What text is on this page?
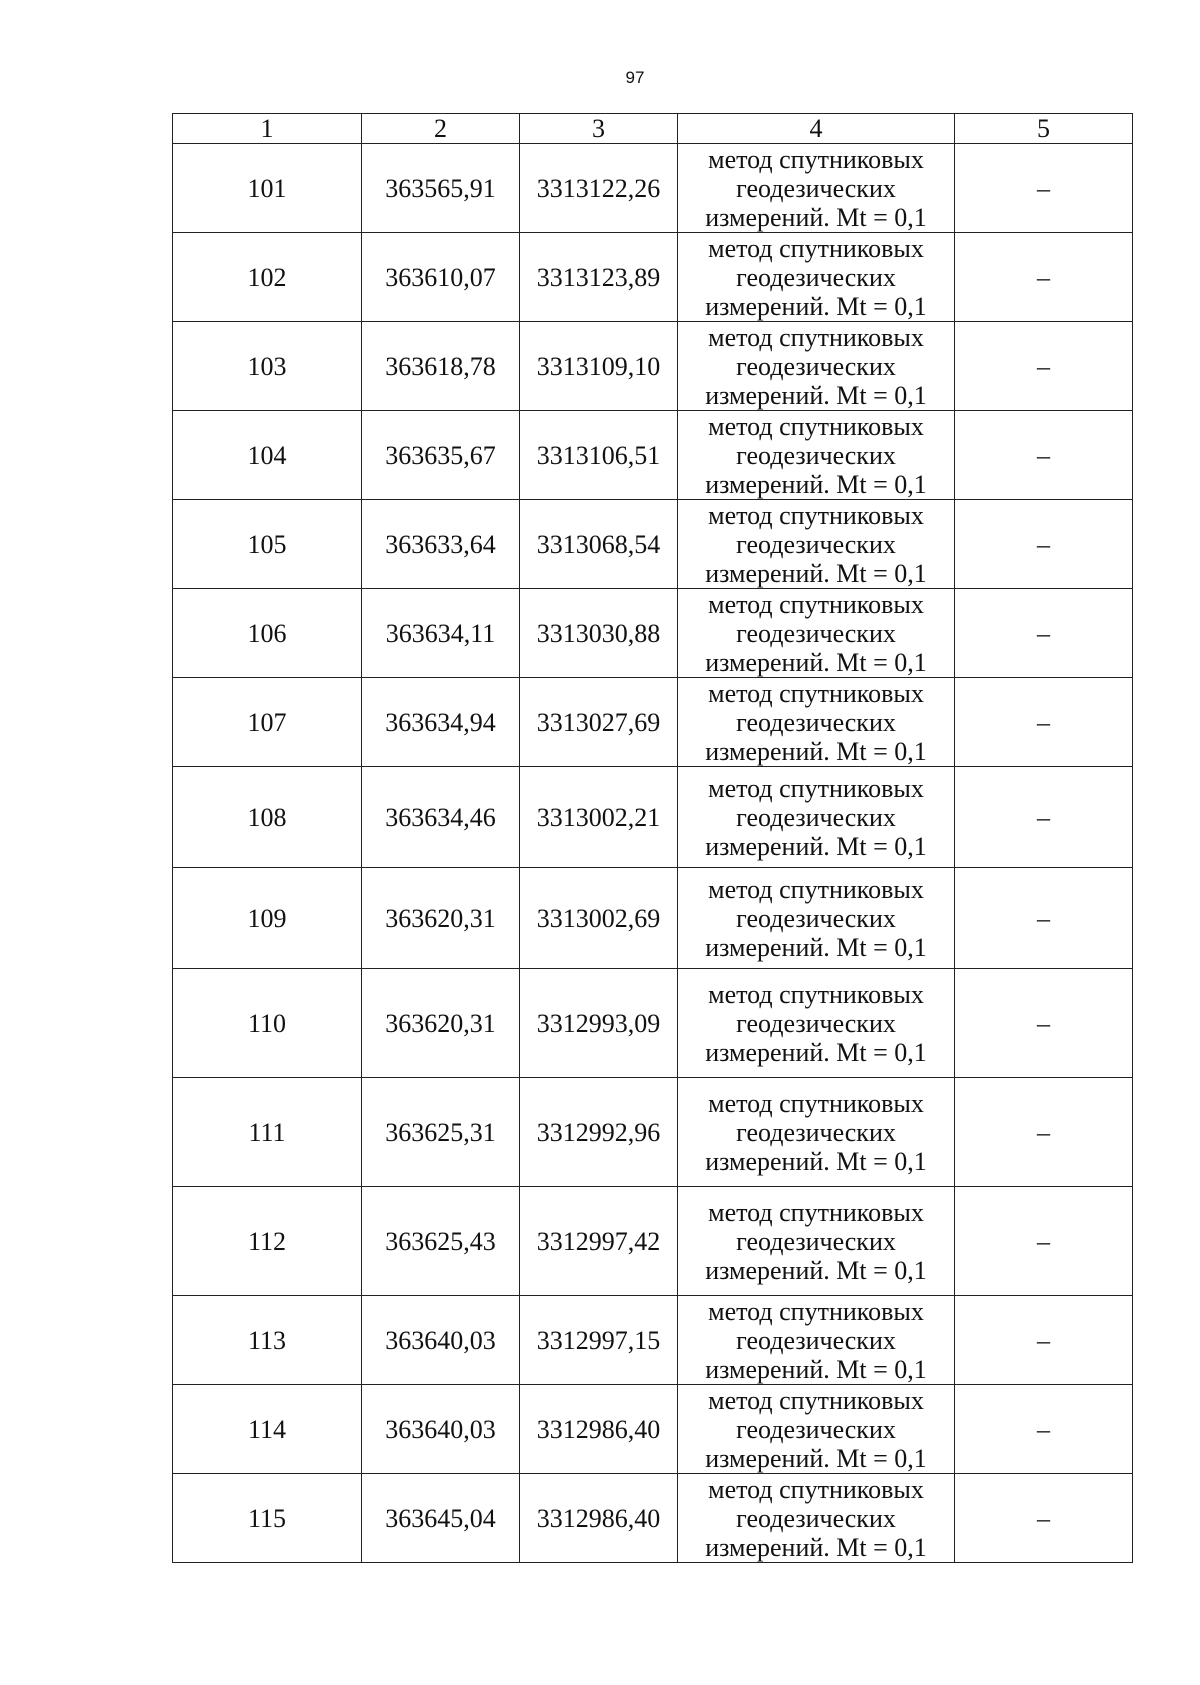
97
1	2	3	4	5
101	363565,91	3313122,26	метод спутниковых
геодезических
измерений. Mt = 0,1	–
102	363610,07	3313123,89	метод спутниковых
геодезических
измерений. Mt = 0,1	–
103	363618,78	3313109,10	метод спутниковых
геодезических
измерений. Mt = 0,1	–
104	363635,67	3313106,51	метод спутниковых
геодезических
измерений. Mt = 0,1	–
105	363633,64	3313068,54	метод спутниковых
геодезических
измерений. Mt = 0,1	–
106	363634,11	3313030,88	метод спутниковых
геодезических
измерений. Mt = 0,1	–
107	363634,94	3313027,69	метод спутниковых
геодезических
измерений. Mt = 0,1	–
108	363634,46	3313002,21	метод спутниковых
геодезических
измерений. Mt = 0,1	–
109	363620,31	3313002,69	метод спутниковых
геодезических
измерений. Mt = 0,1	–
110	363620,31	3312993,09	метод спутниковых
геодезических
измерений. Mt = 0,1	–
111	363625,31	3312992,96	метод спутниковых
геодезических
измерений. Mt = 0,1	–
112	363625,43	3312997,42	метод спутниковых
геодезических
измерений. Mt = 0,1	–
113	363640,03	3312997,15	метод спутниковых
геодезических
измерений. Mt = 0,1	–
114	363640,03	3312986,40	метод спутниковых
геодезических
измерений. Mt = 0,1	–
115	363645,04	3312986,40	метод спутниковых
геодезических
измерений. Mt = 0,1	–
